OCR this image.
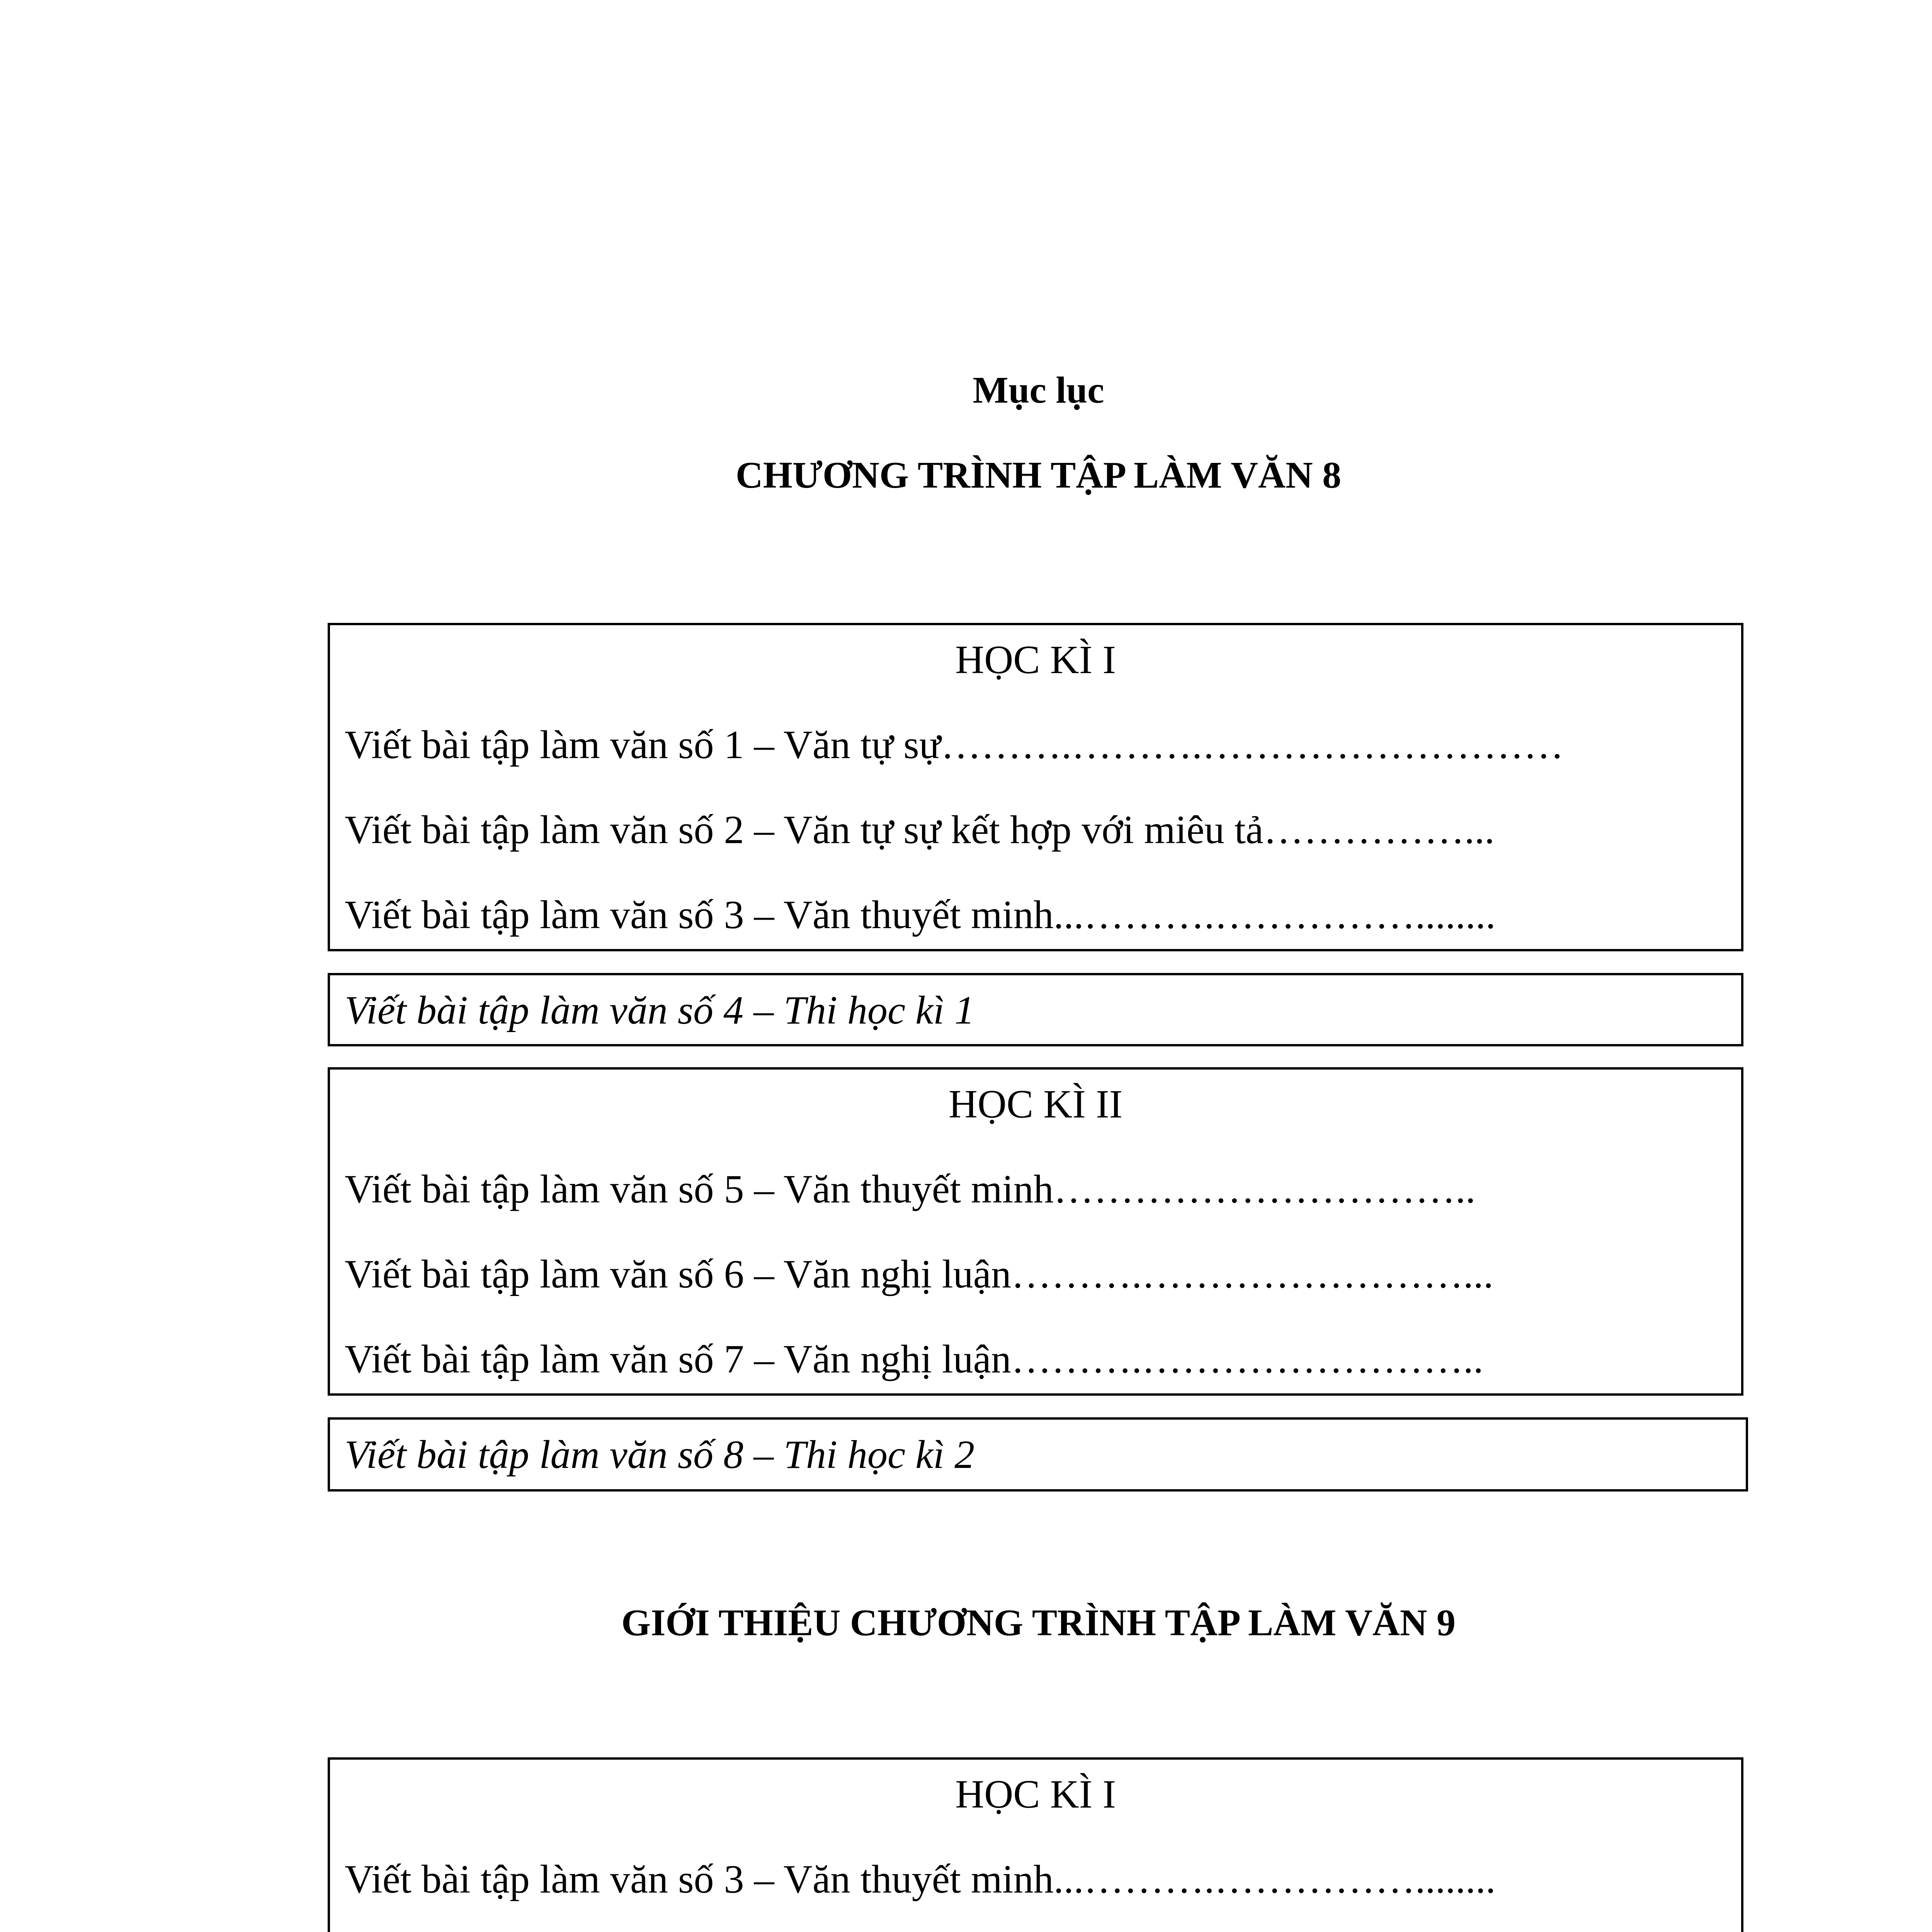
Mục lục
CHƯƠNG TRÌNH TẬP LÀM VĂN 8
HỌC KÌ I
Viết bài tập làm văn số 1 – Văn tự sự……….……….………………………
Viết bài tập làm văn số 2 – Văn tự sự kết hợp với miêu tả……………...
Viết bài tập làm văn số 3 – Văn thuyết minh...……….……………........
Viết bài tập làm văn số 4 – Thi học kì 1
HỌC KÌ II
Viết bài tập làm văn số 5 – Văn thuyết minh…………………………..
Viết bài tập làm văn số 6 – Văn nghị luận……….……………………...
Viết bài tập làm văn số 7 – Văn nghị luận……….……………………..
Viết bài tập làm văn số 8 – Thi học kì 2
GIỚI THIỆU CHƯƠNG TRÌNH TẬP LÀM VĂN 9
HỌC KÌ I
Viết bài tập làm văn số 3 – Văn thuyết minh...……….……………........
